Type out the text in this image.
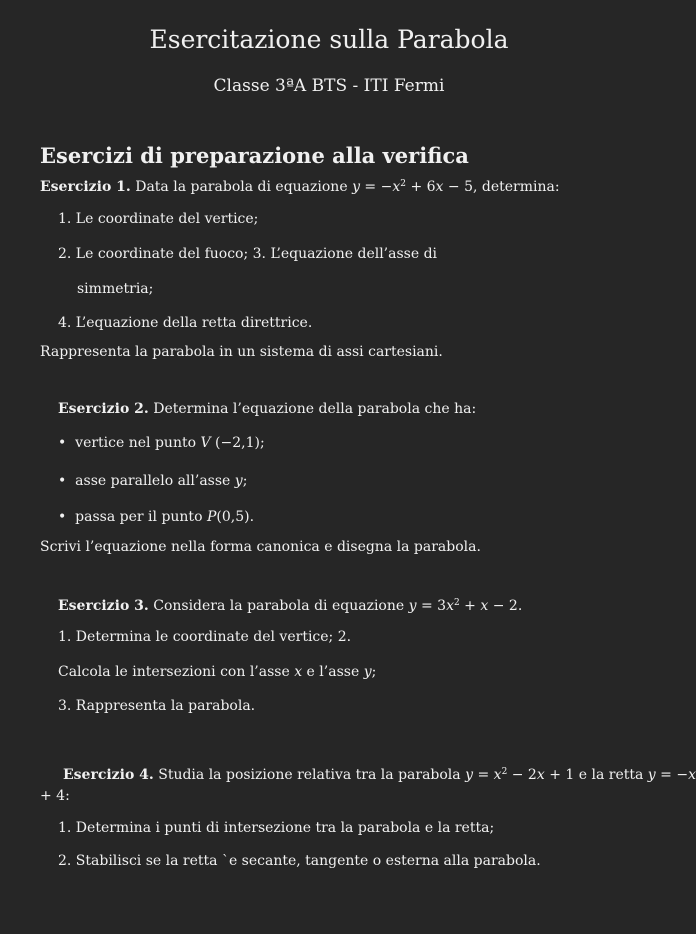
Esercitazione sulla Parabola
Classe 3ªA BTS - ITI Fermi
Esercizi di preparazione alla verifica
Esercizio 1. Data la parabola di equazione $y = -x^2 + 6x - 5$, determina:
1. Le coordinate del vertice;
2. Le coordinate del fuoco; 3. L’equazione dell’asse di
simmetria;
4. L’equazione della retta direttrice.
Rappresenta la parabola in un sistema di assi cartesiani.
Esercizio 2. Determina l’equazione della parabola che ha:
• vertice nel punto V (−2,1);
• asse parallelo all’asse y;
• passa per il punto P(0,5).
Scrivi l’equazione nella forma canonica e disegna la parabola.
Esercizio 3. Considera la parabola di equazione $y = 3x^2 + x - 2$.
1. Determina le coordinate del vertice; 2.
Calcola le intersezioni con l’asse x e l’asse y;
3. Rappresenta la parabola.
Esercizio 4. Studia la posizione relativa tra la parabola $y = x^2 - 2x + 1$ e la retta y = −x
+ 4:
1. Determina i punti di intersezione tra la parabola e la retta;
2. Stabilisci se la retta `e secante, tangente o esterna alla parabola.
